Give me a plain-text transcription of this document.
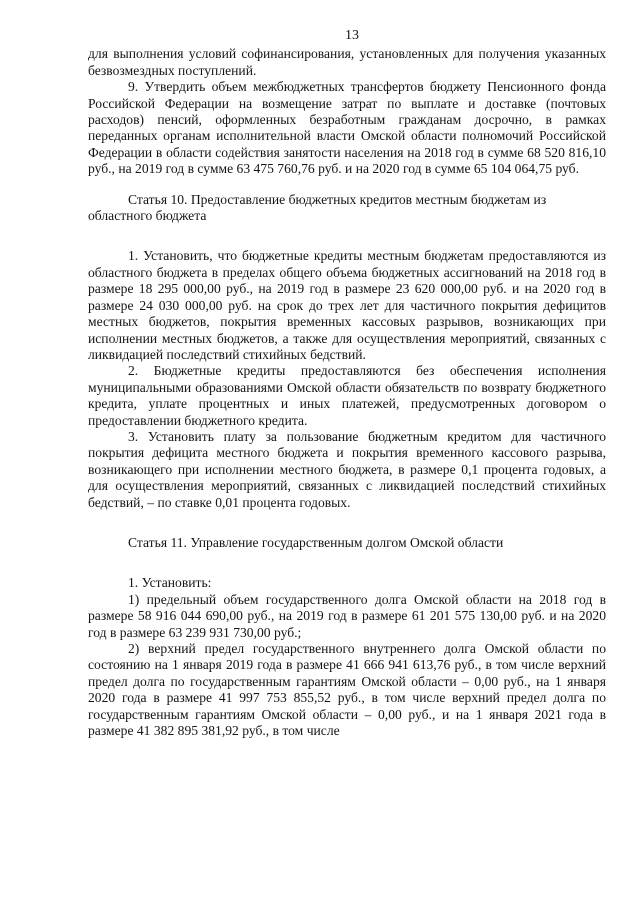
13

для выполнения условий софинансирования, установленных для получения указанных безвозмездных поступлений.

9. Утвердить объем межбюджетных трансфертов бюджету Пенсионного фонда Российской Федерации на возмещение затрат по выплате и доставке (почтовых расходов) пенсий, оформленных безработным гражданам досрочно, в рамках переданных органам исполнительной власти Омской области полномочий Российской Федерации в области содействия занятости населения на 2018 год в сумме 68 520 816,10 руб., на 2019 год в сумме 63 475 760,76 руб. и на 2020 год в сумме 65 104 064,75 руб.

Статья 10. Предоставление бюджетных кредитов местным бюджетам из областного бюджета

1. Установить, что бюджетные кредиты местным бюджетам предоставляются из областного бюджета в пределах общего объема бюджетных ассигнований на 2018 год в размере 18 295 000,00 руб., на 2019 год в размере 23 620 000,00 руб. и на 2020 год в размере 24 030 000,00 руб. на срок до трех лет для частичного покрытия дефицитов местных бюджетов, покрытия временных кассовых разрывов, возникающих при исполнении местных бюджетов, а также для осуществления мероприятий, связанных с ликвидацией последствий стихийных бедствий.

2. Бюджетные кредиты предоставляются без обеспечения исполнения муниципальными образованиями Омской области обязательств по возврату бюджетного кредита, уплате процентных и иных платежей, предусмотренных договором о предоставлении бюджетного кредита.

3. Установить плату за пользование бюджетным кредитом для частичного покрытия дефицита местного бюджета и покрытия временного кассового разрыва, возникающего при исполнении местного бюджета, в размере 0,1 процента годовых, а для осуществления мероприятий, связанных с ликвидацией последствий стихийных бедствий, – по ставке 0,01 процента годовых.

Статья 11. Управление государственным долгом Омской области

1. Установить:

1) предельный объем государственного долга Омской области на 2018 год в размере 58 916 044 690,00 руб., на 2019 год в размере 61 201 575 130,00 руб. и на 2020 год в размере 63 239 931 730,00 руб.;

2) верхний предел государственного внутреннего долга Омской области по состоянию на 1 января 2019 года в размере 41 666 941 613,76 руб., в том числе верхний предел долга по государственным гарантиям Омской области – 0,00 руб., на 1 января 2020 года в размере 41 997 753 855,52 руб., в том числе верхний предел долга по государственным гарантиям Омской области – 0,00 руб., и на 1 января 2021 года в размере 41 382 895 381,92 руб., в том числе
